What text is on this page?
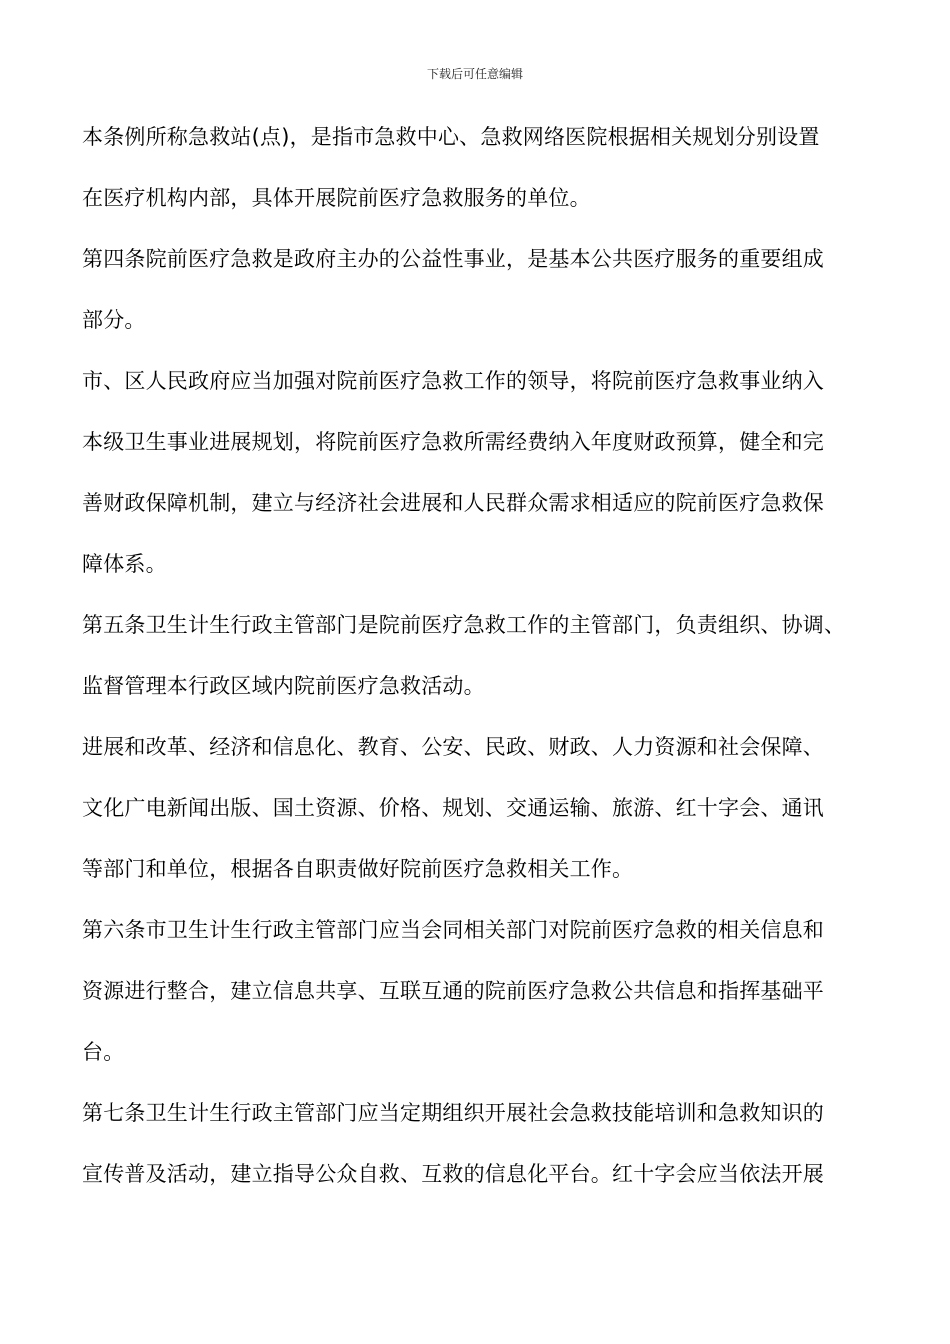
下载后可任意编辑
本条例所称急救站(点)，是指市急救中心、急救网络医院根据相关规划分别设置
在医疗机构内部，具体开展院前医疗急救服务的单位。
第四条院前医疗急救是政府主办的公益性事业，是基本公共医疗服务的重要组成
部分。
市、区人民政府应当加强对院前医疗急救工作的领导，将院前医疗急救事业纳入
本级卫生事业进展规划，将院前医疗急救所需经费纳入年度财政预算，健全和完
善财政保障机制，建立与经济社会进展和人民群众需求相适应的院前医疗急救保
障体系。
第五条卫生计生行政主管部门是院前医疗急救工作的主管部门，负责组织、协调、
监督管理本行政区域内院前医疗急救活动。
进展和改革、经济和信息化、教育、公安、民政、财政、人力资源和社会保障、
文化广电新闻出版、国土资源、价格、规划、交通运输、旅游、红十字会、通讯
等部门和单位，根据各自职责做好院前医疗急救相关工作。
第六条市卫生计生行政主管部门应当会同相关部门对院前医疗急救的相关信息和
资源进行整合，建立信息共享、互联互通的院前医疗急救公共信息和指挥基础平
台。
第七条卫生计生行政主管部门应当定期组织开展社会急救技能培训和急救知识的
宣传普及活动，建立指导公众自救、互救的信息化平台。红十字会应当依法开展
